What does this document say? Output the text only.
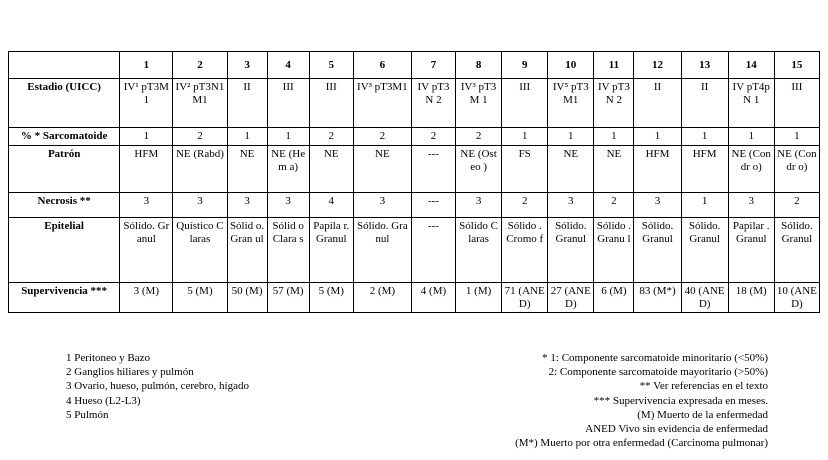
	1	2	3	4	5	6	7	8	9	10	11	12	13	14	15
Estadio (UICC)	IV¹ pT3M1	IV² pT3N1 M1	II	III	III	IV³ pT3M1	IV pT3N 2	IV³ pT3M 1	III	IV⁵ pT3M1	IV pT3N 2	II	II	IV pT4pN 1	III
% * Sarcomatoide	1	2	1	1	2	2	2	2	1	1	1	1	1	1	1
Patrón	HFM	NE (Rabd)	NE	NE (Hem a)	NE	NE	---	NE (Osteo )	FS	NE	NE	HFM	HFM	NE (Condr o)	NE (Condr o)
Necrosis **	3	3	3	3	4	3	---	3	2	3	2	3	1	3	2
Epitelial	Sólido. Granul	Quístico Claras	Sólid o. Gran ul	Sólid o Clara s	Papila r. Granul	Sólido. Granul	---	Sólido Claras	Sólido . Cromo f	Sólido. Granul	Sólido . Granu l	Sólido. Granul	Sólido. Granul	Papilar . Granul	Sólido. Granul
Supervivencia ***	3 (M)	5 (M)	50 (M)	57 (M)	5 (M)	2 (M)	4 (M)	1 (M)	71 (ANE D)	27 (ANE D)	6 (M)	83 (M*)	40 (ANE D)	18 (M)	10 (ANE D)
1 Peritoneo y Bazo
2 Ganglios hiliares y pulmón
3 Ovario, hueso, pulmón, cerebro, hígado
4 Hueso (L2-L3)
5 Pulmón
* 1: Componente sarcomatoide minoritario (<50%)
2: Componente sarcomatoide mayoritario (>50%)
** Ver referencias en el texto
*** Supervivencia expresada en meses.
(M) Muerto de la enfermedad
ANED Vivo sin evidencia de enfermedad
(M*) Muerto por otra enfermedad (Carcinoma pulmonar)
